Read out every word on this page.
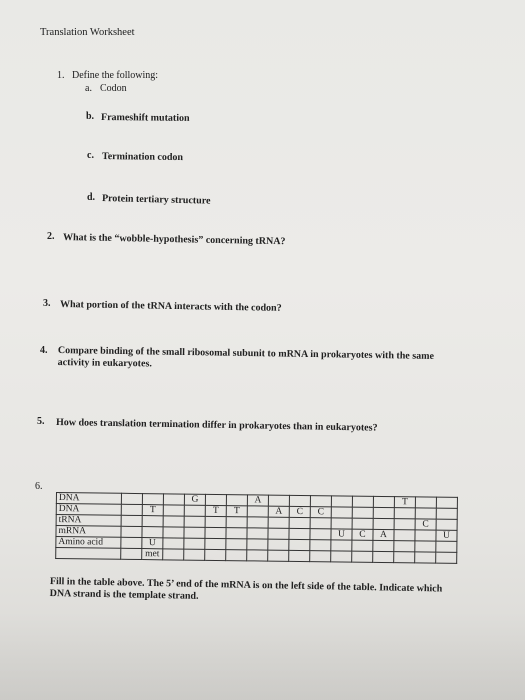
Translation Worksheet
1. Define the following:
a. Codon
b. Frameshift mutation
c. Termination codon
d. Protein tertiary structure
2. What is the “wobble-hypothesis” concerning tRNA?
3. What portion of the tRNA interacts with the codon?
4. Compare binding of the small ribosomal subunit to mRNA in prokaryotes with the same activity in eukaryotes.
5. How does translation termination differ in prokaryotes than in eukaryotes?
6.
DNA				G			A							T		
DNA		T			T	T		A	C	C						
tRNA															C	
mRNA											U	C	A			U
Amino acid		U														
		met														
Fill in the table above. The 5’ end of the mRNA is on the left side of the table. Indicate which DNA strand is the template strand.
